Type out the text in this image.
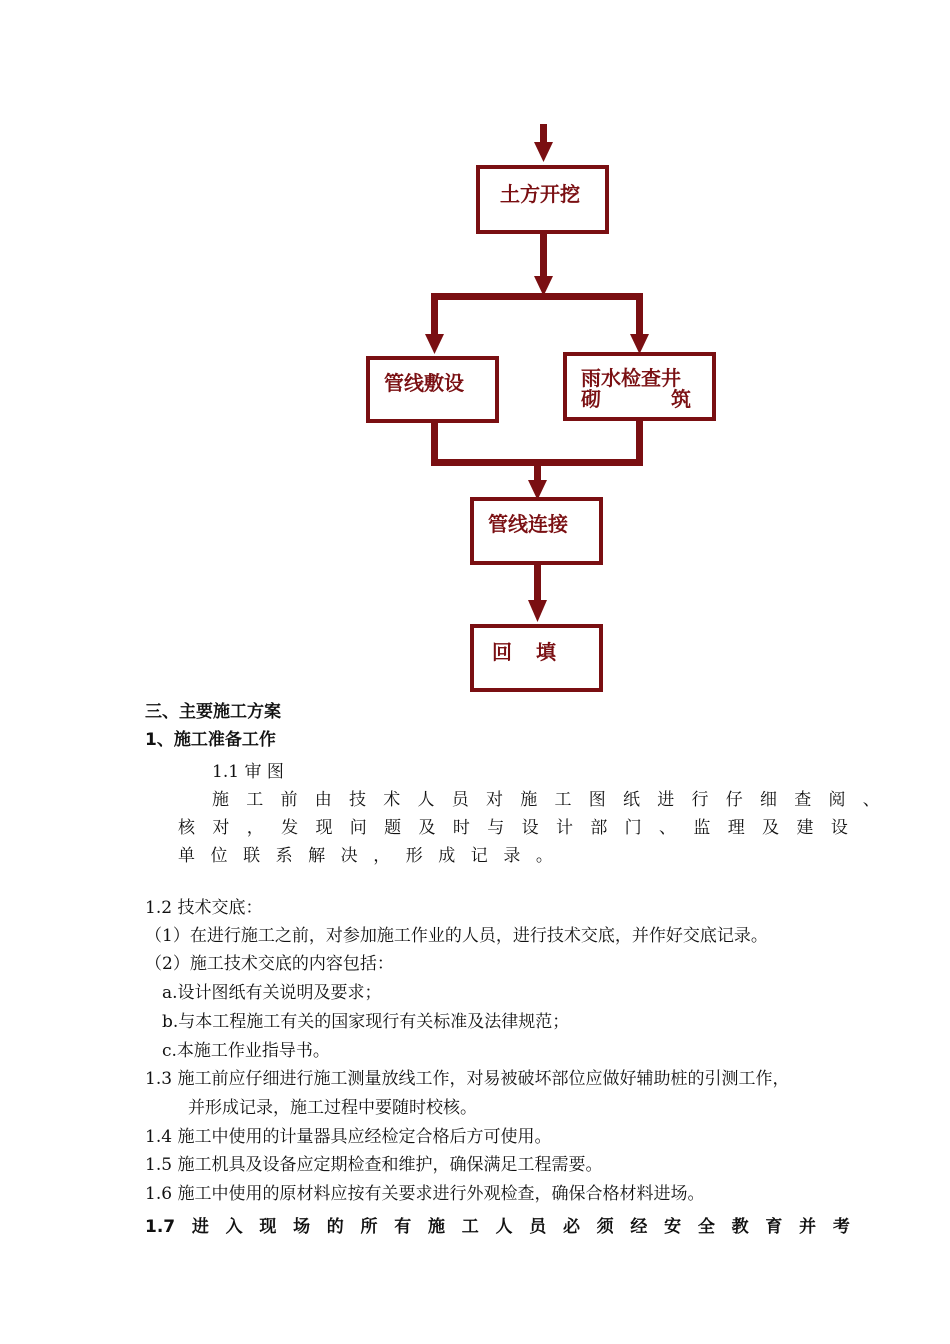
土方开挖
管线敷设	雨水检查井
砌	筑
管线连接
回 填
三、主要施工方案
1、施工准备工作
1.1 审 图
施 工 前 由 技 术 人 员 对 施 工 图 纸 进 行 仔 细 查 阅 、
核 对 ， 发 现 问 题 及 时 与 设 计 部 门 、 监 理 及 建 设
单 位 联 系 解 决 ， 形 成 记 录 。
1.2 技术交底：
（1）在进行施工之前，对参加施工作业的人员，进行技术交底，并作好交底记录。
（2）施工技术交底的内容包括：
a.设计图纸有关说明及要求；
b.与本工程施工有关的国家现行有关标准及法律规范；
c.本施工作业指导书。
1.3 施工前应仔细进行施工测量放线工作，对易被破坏部位应做好辅助桩的引测工作，
并形成记录，施工过程中要随时校核。
1.4 施工中使用的计量器具应经检定合格后方可使用。
1.5 施工机具及设备应定期检查和维护，确保满足工程需要。
1.6 施工中使用的原材料应按有关要求进行外观检查，确保合格材料进场。
1.7 进 入 现 场 的 所 有 施 工 人 员 必 须 经 安 全 教 育 并 考
